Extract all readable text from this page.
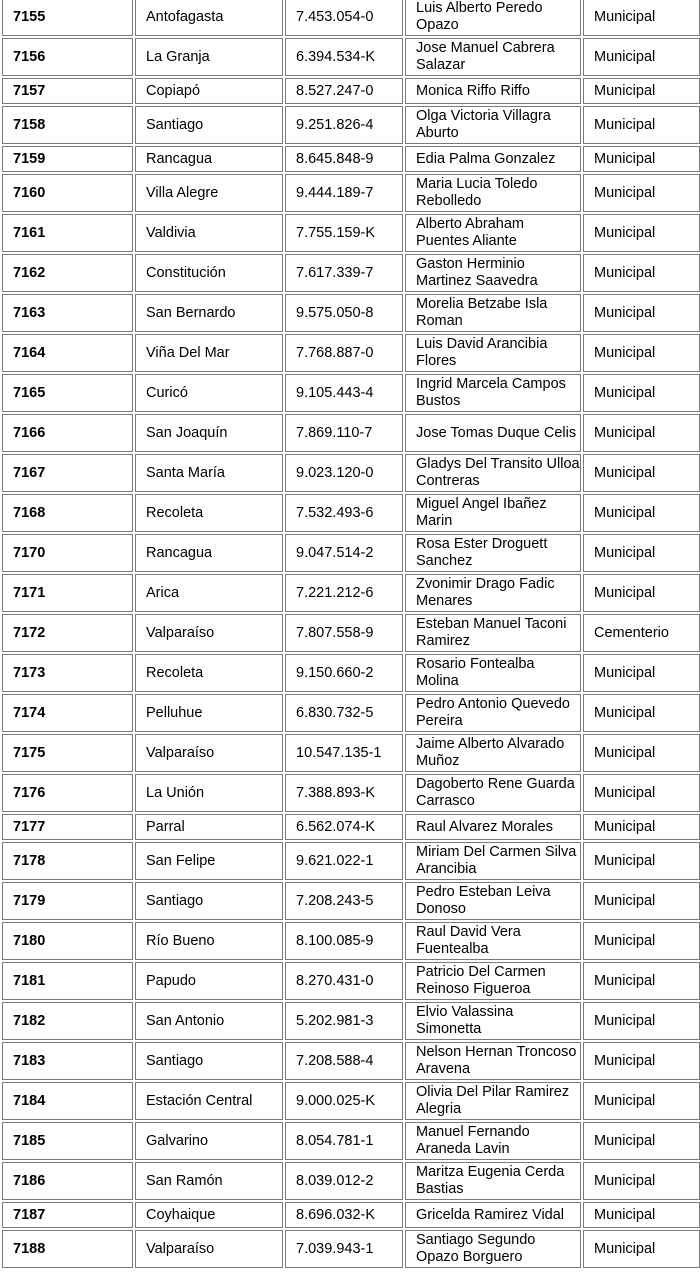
7155	Antofagasta	7.453.054-0	Luis Alberto Peredo Opazo	Municipal
7156	La Granja	6.394.534-K	Jose Manuel Cabrera Salazar	Municipal
7157	Copiapó	8.527.247-0	Monica Riffo Riffo	Municipal
7158	Santiago	9.251.826-4	Olga Victoria Villagra Aburto	Municipal
7159	Rancagua	8.645.848-9	Edia Palma Gonzalez	Municipal
7160	Villa Alegre	9.444.189-7	Maria Lucia Toledo Rebolledo	Municipal
7161	Valdivia	7.755.159-K	Alberto Abraham Puentes Aliante	Municipal
7162	Constitución	7.617.339-7	Gaston Herminio Martinez Saavedra	Municipal
7163	San Bernardo	9.575.050-8	Morelia Betzabe Isla Roman	Municipal
7164	Viña Del Mar	7.768.887-0	Luis David Arancibia Flores	Municipal
7165	Curicó	9.105.443-4	Ingrid Marcela Campos Bustos	Municipal
7166	San Joaquín	7.869.110-7	Jose Tomas Duque Celis	Municipal
7167	Santa María	9.023.120-0	Gladys Del Transito Ulloa Contreras	Municipal
7168	Recoleta	7.532.493-6	Miguel Angel Ibañez Marin	Municipal
7170	Rancagua	9.047.514-2	Rosa Ester Droguett Sanchez	Municipal
7171	Arica	7.221.212-6	Zvonimir Drago Fadic Menares	Municipal
7172	Valparaíso	7.807.558-9	Esteban Manuel Taconi Ramirez	Cementerio
7173	Recoleta	9.150.660-2	Rosario Fontealba Molina	Municipal
7174	Pelluhue	6.830.732-5	Pedro Antonio Quevedo Pereira	Municipal
7175	Valparaíso	10.547.135-1	Jaime Alberto Alvarado Muñoz	Municipal
7176	La Unión	7.388.893-K	Dagoberto Rene Guarda Carrasco	Municipal
7177	Parral	6.562.074-K	Raul Alvarez Morales	Municipal
7178	San Felipe	9.621.022-1	Miriam Del Carmen Silva Arancibia	Municipal
7179	Santiago	7.208.243-5	Pedro Esteban Leiva Donoso	Municipal
7180	Río Bueno	8.100.085-9	Raul David Vera Fuentealba	Municipal
7181	Papudo	8.270.431-0	Patricio Del Carmen Reinoso Figueroa	Municipal
7182	San Antonio	5.202.981-3	Elvio Valassina Simonetta	Municipal
7183	Santiago	7.208.588-4	Nelson Hernan Troncoso Aravena	Municipal
7184	Estación Central	9.000.025-K	Olivia Del Pilar Ramirez Alegria	Municipal
7185	Galvarino	8.054.781-1	Manuel Fernando Araneda Lavin	Municipal
7186	San Ramón	8.039.012-2	Maritza Eugenia Cerda Bastias	Municipal
7187	Coyhaique	8.696.032-K	Gricelda Ramirez Vidal	Municipal
7188	Valparaíso	7.039.943-1	Santiago Segundo Opazo Borguero	Municipal
